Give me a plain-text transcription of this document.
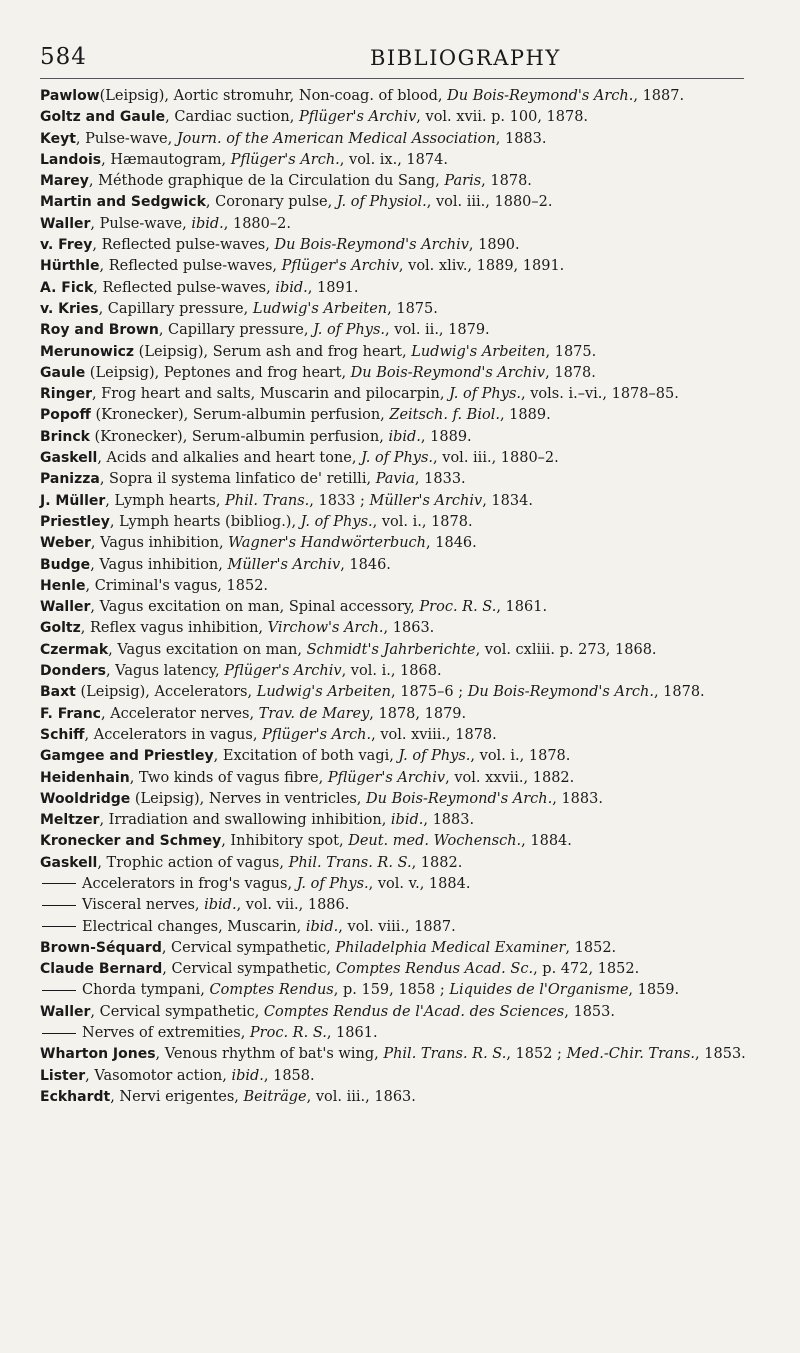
584	BIBLIOGRAPHY

Pawlow(Leipsig), Aortic stromuhr, Non-coag. of blood, Du Bois-Reymond's Arch., 1887.

Goltz and Gaule, Cardiac suction, Pflüger's Archiv, vol. xvii. p. 100, 1878.

Keyt, Pulse-wave, Journ. of the American Medical Association, 1883.

Landois, Hæmautogram, Pflüger's Arch., vol. ix., 1874.

Marey, Méthode graphique de la Circulation du Sang, Paris, 1878.

Martin and Sedgwick, Coronary pulse, J. of Physiol., vol. iii., 1880–2.

Waller, Pulse-wave, ibid., 1880–2.

v. Frey, Reflected pulse-waves, Du Bois-Reymond's Archiv, 1890.

Hürthle, Reflected pulse-waves, Pflüger's Archiv, vol. xliv., 1889, 1891.

A. Fick, Reflected pulse-waves, ibid., 1891.

v. Kries, Capillary pressure, Ludwig's Arbeiten, 1875.

Roy and Brown, Capillary pressure, J. of Phys., vol. ii., 1879.

Merunowicz (Leipsig), Serum ash and frog heart, Ludwig's Arbeiten, 1875.

Gaule (Leipsig), Peptones and frog heart, Du Bois-Reymond's Archiv, 1878.

Ringer, Frog heart and salts, Muscarin and pilocarpin, J. of Phys., vols. i.–vi., 1878–85.

Popoff (Kronecker), Serum-albumin perfusion, Zeitsch. f. Biol., 1889.

Brinck (Kronecker), Serum-albumin perfusion, ibid., 1889.

Gaskell, Acids and alkalies and heart tone, J. of Phys., vol. iii., 1880–2.

Panizza, Sopra il systema linfatico de' retilli, Pavia, 1833.

J. Müller, Lymph hearts, Phil. Trans., 1833 ; Müller's Archiv, 1834.

Priestley, Lymph hearts (bibliog.), J. of Phys., vol. i., 1878.

Weber, Vagus inhibition, Wagner's Handwörterbuch, 1846.

Budge, Vagus inhibition, Müller's Archiv, 1846.

Henle, Criminal's vagus, 1852.

Waller, Vagus excitation on man, Spinal accessory, Proc. R. S., 1861.

Goltz, Reflex vagus inhibition, Virchow's Arch., 1863.

Czermak, Vagus excitation on man, Schmidt's Jahrberichte, vol. cxliii. p. 273, 1868.

Donders, Vagus latency, Pflüger's Archiv, vol. i., 1868.

Baxt (Leipsig), Accelerators, Ludwig's Arbeiten, 1875–6 ; Du Bois-Reymond's Arch., 1878.

F. Franc, Accelerator nerves, Trav. de Marey, 1878, 1879.

Schiff, Accelerators in vagus, Pflüger's Arch., vol. xviii., 1878.

Gamgee and Priestley, Excitation of both vagi, J. of Phys., vol. i., 1878.

Heidenhain, Two kinds of vagus fibre, Pflüger's Archiv, vol. xxvii., 1882.

Wooldridge (Leipsig), Nerves in ventricles, Du Bois-Reymond's Arch., 1883.

Meltzer, Irradiation and swallowing inhibition, ibid., 1883.

Kronecker and Schmey, Inhibitory spot, Deut. med. Wochensch., 1884.

Gaskell, Trophic action of vagus, Phil. Trans. R. S., 1882.

Accelerators in frog's vagus, J. of Phys., vol. v., 1884.

Visceral nerves, ibid., vol. vii., 1886.

Electrical changes, Muscarin, ibid., vol. viii., 1887.

Brown-Séquard, Cervical sympathetic, Philadelphia Medical Examiner, 1852.

Claude Bernard, Cervical sympathetic, Comptes Rendus Acad. Sc., p. 472, 1852.

Chorda tympani, Comptes Rendus, p. 159, 1858 ; Liquides de l'Organisme, 1859.

Waller, Cervical sympathetic, Comptes Rendus de l'Acad. des Sciences, 1853.

Nerves of extremities, Proc. R. S., 1861.

Wharton Jones, Venous rhythm of bat's wing, Phil. Trans. R. S., 1852 ; Med.-Chir. Trans., 1853.

Lister, Vasomotor action, ibid., 1858.

Eckhardt, Nervi erigentes, Beiträge, vol. iii., 1863.
